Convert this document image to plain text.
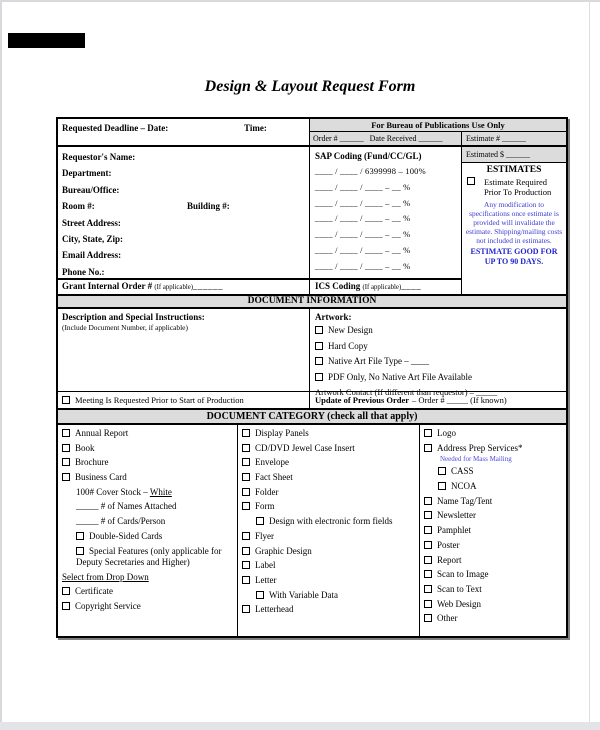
Design & Layout Request Form
Requested Deadline – Date:	Time:	For Bureau of Publications Use Only
Order # ______ Date Received ______	Estimate # ______
Requestor's Name:
Department:
Bureau/Office:
Room #:	Building #:
Street Address:
City, State, Zip:
Email Address:
Phone No.:
SAP Coding (Fund/CC/GL)
____ / ____ / 6399998 – 100%
____ / ____ / ____ – __ %
____ / ____ / ____ – __ %
____ / ____ / ____ – __ %
____ / ____ / ____ – __ %
____ / ____ / ____ – __ %
____ / ____ / ____ – __ %
Estimated $ ______
ESTIMATES
Estimate Required Prior To Production
Any modification to specifications once estimate is provided will invalidate the estimate. Shipping/mailing costs not included in estimates.
ESTIMATE GOOD FOR UP TO 90 DAYS.
Grant Internal Order # (If applicable)______	ICS Coding (If applicable)____
DOCUMENT INFORMATION
Description and Special Instructions:
(Include Document Number, if applicable)
Artwork:
New Design
Hard Copy
Native Art File Type – ____
PDF Only, No Native Art File Available
Artwork Contact (If different than requestor) – _____
Meeting Is Requested Prior to Start of Production	Update of Previous Order – Order # _____ (If known)
DOCUMENT CATEGORY (check all that apply)
Annual Report
Book
Brochure
Business Card
100# Cover Stock – White
_____ # of Names Attached
_____ # of Cards/Person
Double-Sided Cards
Special Features (only applicable for Deputy Secretaries and Higher)
Select from Drop Down
Certificate
Copyright Service
Display Panels
CD/DVD Jewel Case Insert
Envelope
Fact Sheet
Folder
Form
Design with electronic form fields
Flyer
Graphic Design
Label
Letter
With Variable Data
Letterhead
Logo
Address Prep Services*
Needed for Mass Mailing
CASS
NCOA
Name Tag/Tent
Newsletter
Pamphlet
Poster
Report
Scan to Image
Scan to Text
Web Design
Other
